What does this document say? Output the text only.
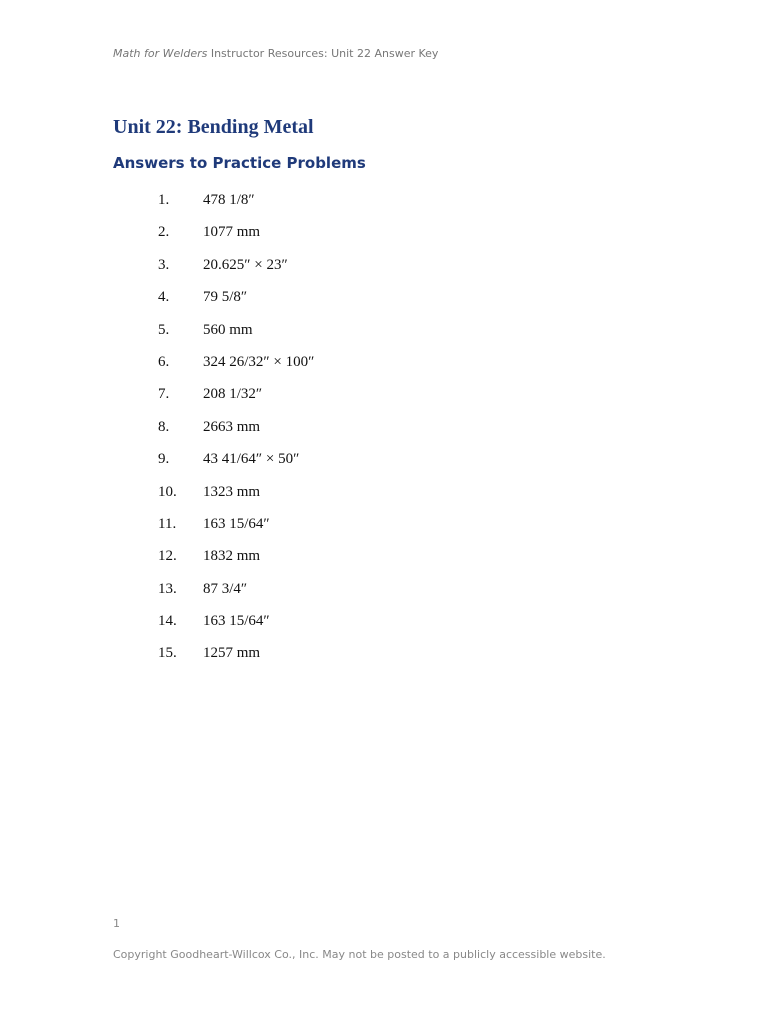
Math for Welders Instructor Resources: Unit 22 Answer Key
Unit 22: Bending Metal
Answers to Practice Problems
1. 478 1/8″
2. 1077 mm
3. 20.625″ × 23″
4. 79 5/8″
5. 560 mm
6. 324 26/32″ × 100″
7. 208 1/32″
8. 2663 mm
9. 43 41/64″ × 50″
10. 1323 mm
11. 163 15/64″
12. 1832 mm
13. 87 3/4″
14. 163 15/64″
15. 1257 mm
1
Copyright Goodheart-Willcox Co., Inc. May not be posted to a publicly accessible website.
